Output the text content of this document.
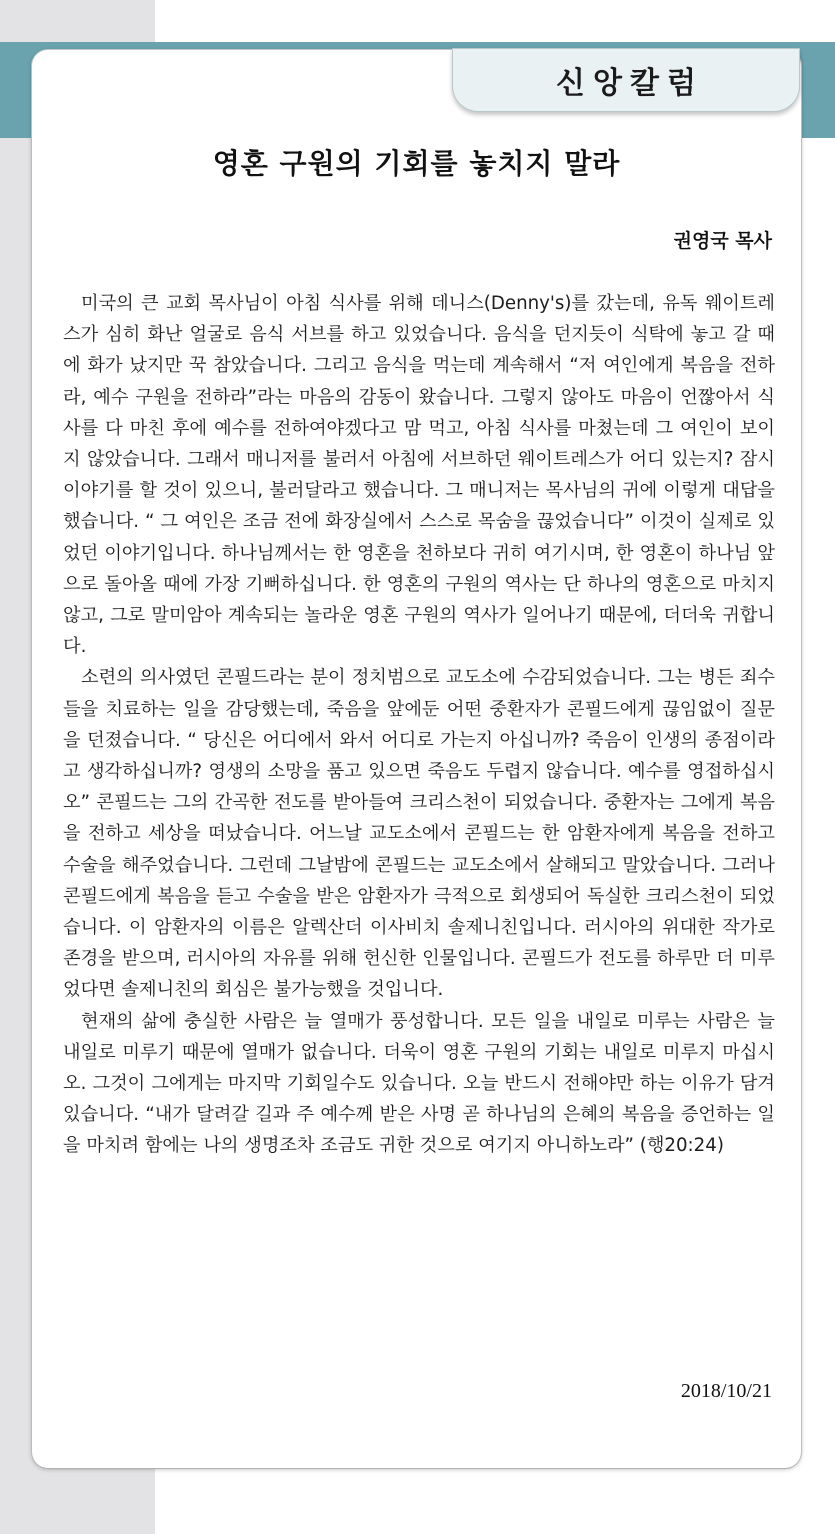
신앙칼럼
영혼 구원의 기회를 놓치지 말라
권영국 목사

미국의 큰 교회 목사님이 아침 식사를 위해 데니스(Denny's)를 갔는데, 유독 웨이트레스가 심히 화난 얼굴로 음식 서브를 하고 있었습니다. 음식을 던지듯이 식탁에 놓고 갈 때에 화가 났지만 꾹 참았습니다. 그리고 음식을 먹는데 계속해서 “저 여인에게 복음을 전하라, 예수 구원을 전하라”라는 마음의 감동이 왔습니다. 그렇지 않아도 마음이 언짢아서 식사를 다 마친 후에 예수를 전하여야겠다고 맘 먹고, 아침 식사를 마쳤는데 그 여인이 보이지 않았습니다. 그래서 매니저를 불러서 아침에 서브하던 웨이트레스가 어디 있는지? 잠시 이야기를 할 것이 있으니, 불러달라고 했습니다. 그 매니저는 목사님의 귀에 이렇게 대답을 했습니다. “ 그 여인은 조금 전에 화장실에서 스스로 목숨을 끊었습니다” 이것이 실제로 있었던 이야기입니다. 하나님께서는 한 영혼을 천하보다 귀히 여기시며, 한 영혼이 하나님 앞으로 돌아올 때에 가장 기뻐하십니다. 한 영혼의 구원의 역사는 단 하나의 영혼으로 마치지 않고, 그로 말미암아 계속되는 놀라운 영혼 구원의 역사가 일어나기 때문에, 더더욱 귀합니다.

소련의 의사였던 콘필드라는 분이 정치범으로 교도소에 수감되었습니다. 그는 병든 죄수들을 치료하는 일을 감당했는데, 죽음을 앞에둔 어떤 중환자가 콘필드에게 끊임없이 질문을 던졌습니다. “ 당신은 어디에서 와서 어디로 가는지 아십니까? 죽음이 인생의 종점이라고 생각하십니까? 영생의 소망을 품고 있으면 죽음도 두렵지 않습니다. 예수를 영접하십시오” 콘필드는 그의 간곡한 전도를 받아들여 크리스천이 되었습니다. 중환자는 그에게 복음을 전하고 세상을 떠났습니다. 어느날 교도소에서 콘필드는 한 암환자에게 복음을 전하고 수술을 해주었습니다. 그런데 그날밤에 콘필드는 교도소에서 살해되고 말았습니다. 그러나 콘필드에게 복음을 듣고 수술을 받은 암환자가 극적으로 회생되어 독실한 크리스천이 되었습니다. 이 암환자의 이름은 알렉산더 이사비치 솔제니친입니다. 러시아의 위대한 작가로 존경을 받으며, 러시아의 자유를 위해 헌신한 인물입니다. 콘필드가 전도를 하루만 더 미루었다면 솔제니친의 회심은 불가능했을 것입니다.

현재의 삶에 충실한 사람은 늘 열매가 풍성합니다. 모든 일을 내일로 미루는 사람은 늘 내일로 미루기 때문에 열매가 없습니다. 더욱이 영혼 구원의 기회는 내일로 미루지 마십시오. 그것이 그에게는 마지막 기회일수도 있습니다. 오늘 반드시 전해야만 하는 이유가 담겨있습니다. “내가 달려갈 길과 주 예수께 받은 사명 곧 하나님의 은혜의 복음을 증언하는 일을 마치려 함에는 나의 생명조차 조금도 귀한 것으로 여기지 아니하노라” (행20:24)

2018/10/21
